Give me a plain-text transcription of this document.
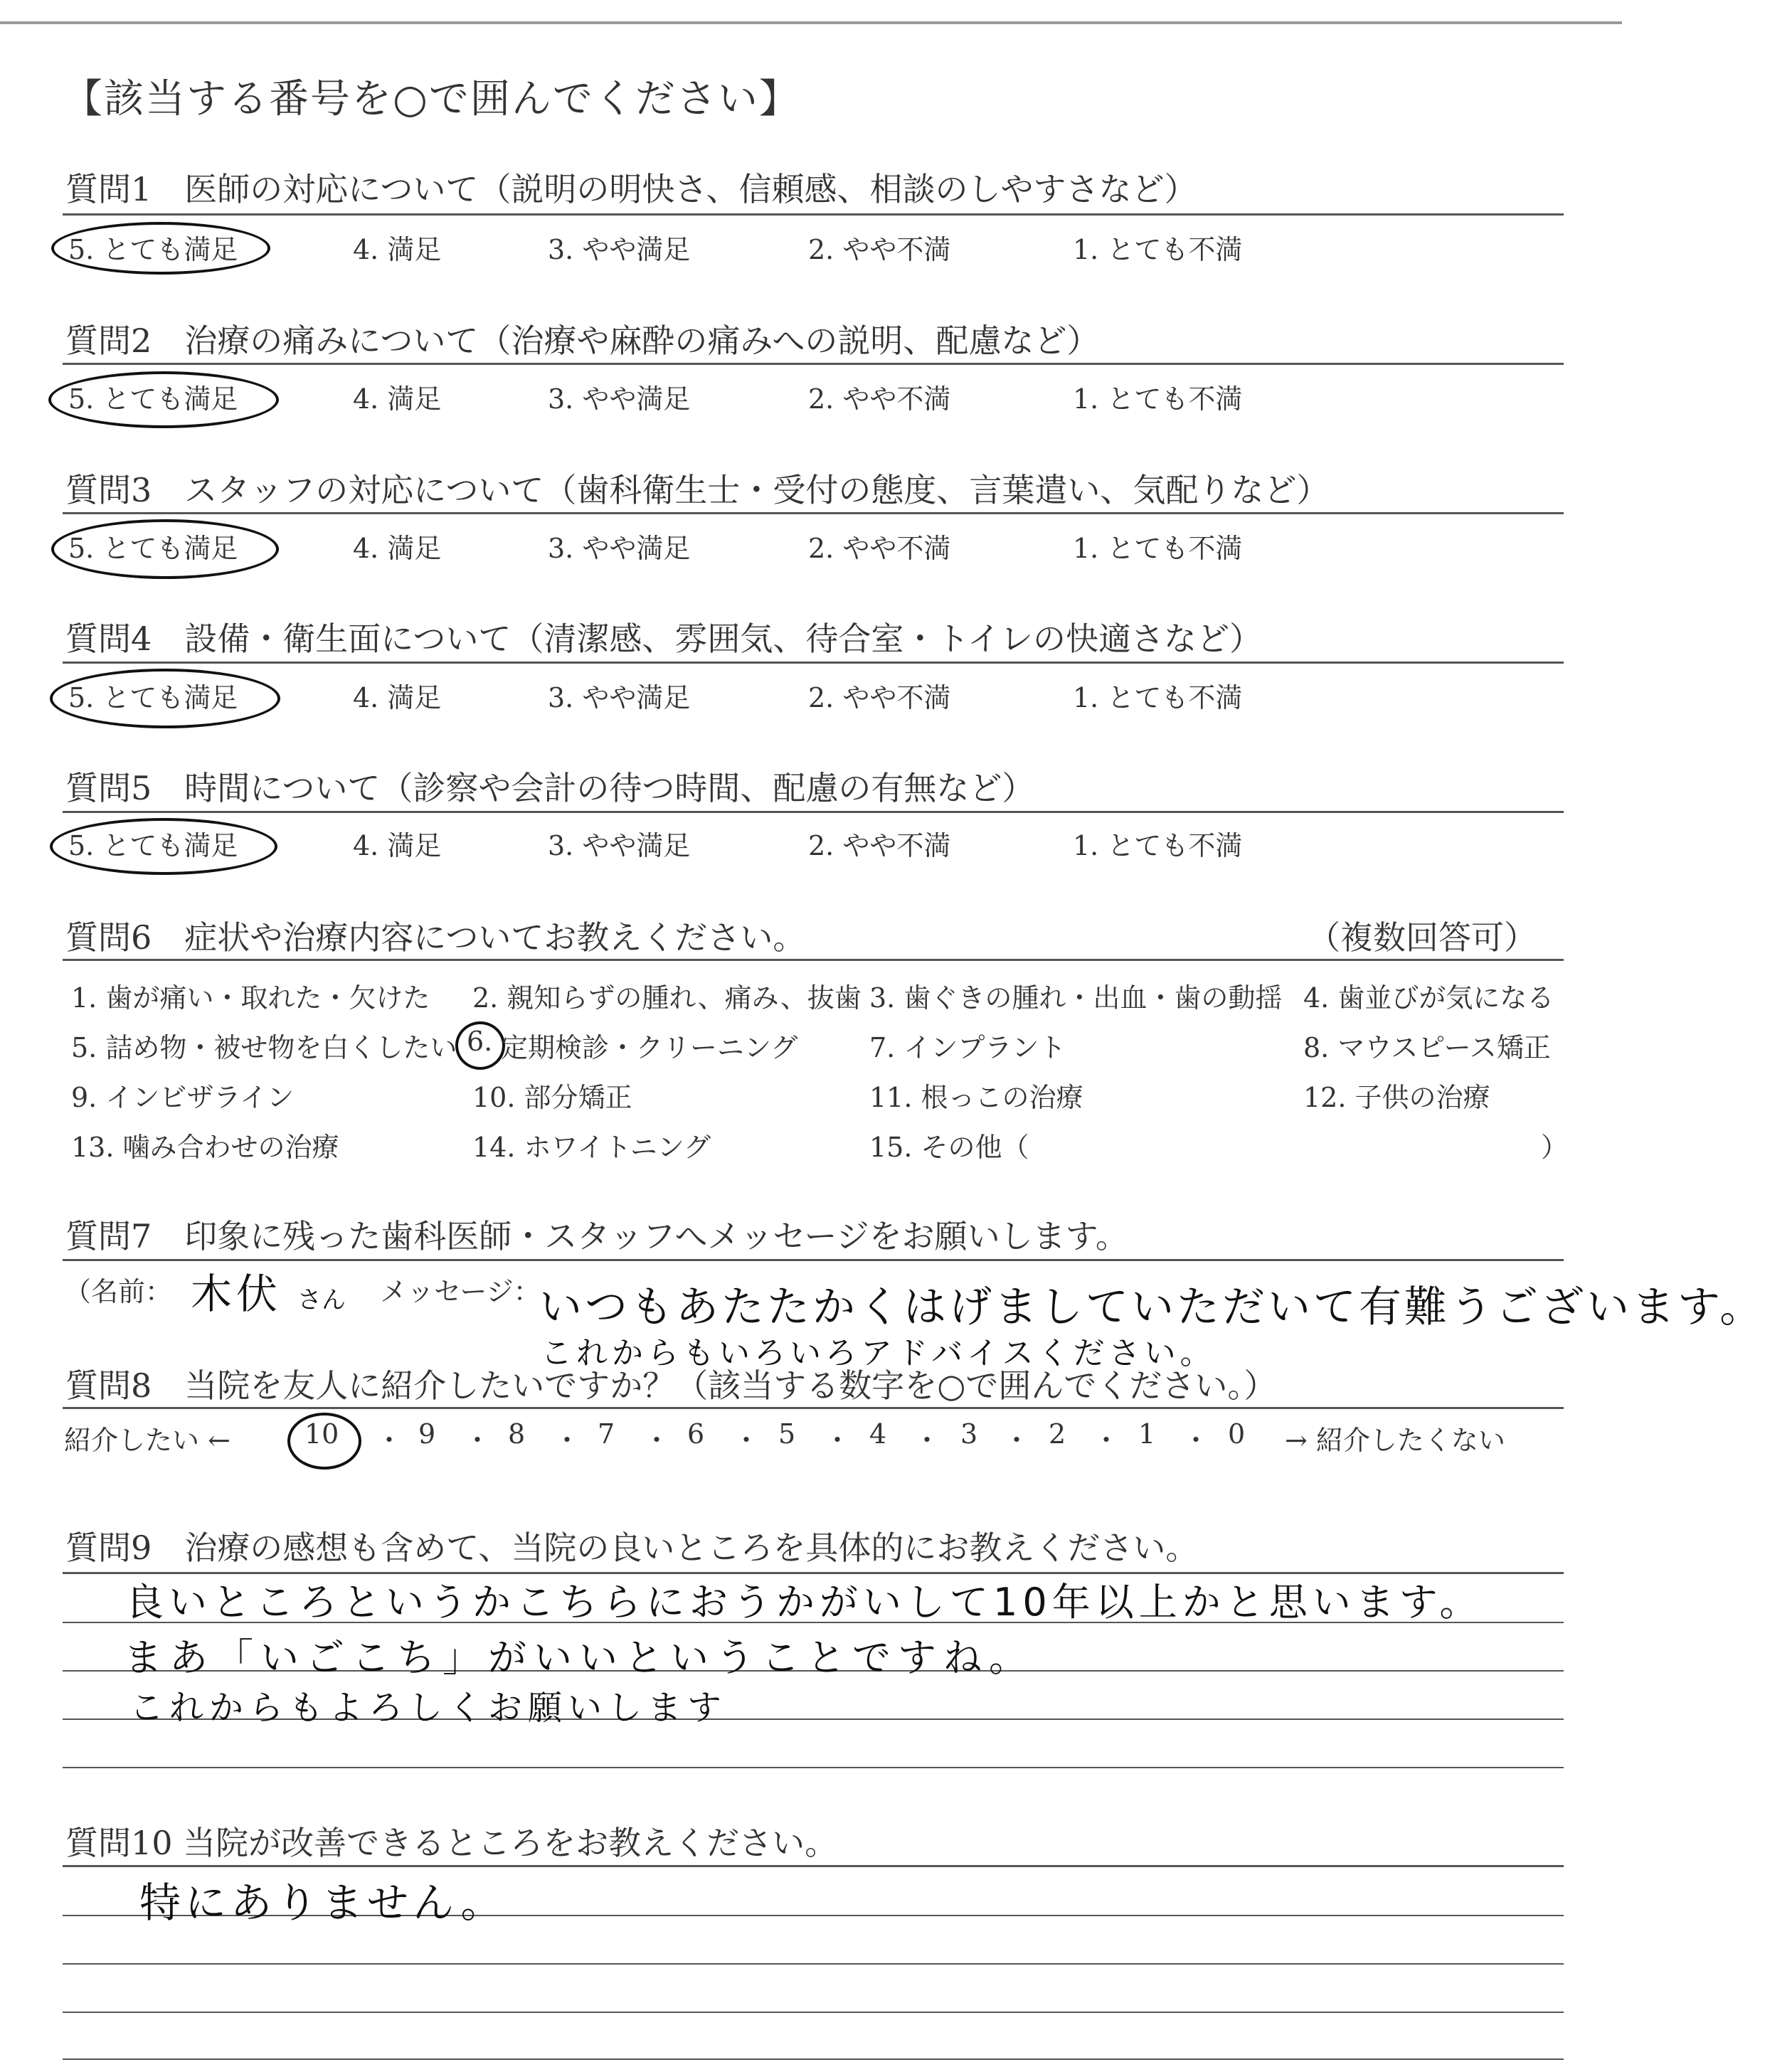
【該当する番号を○で囲んでください】
質問1　医師の対応について（説明の明快さ、信頼感、相談のしやすさなど）
5. とても満足	4. 満足	3. やや満足	2. やや不満	1. とても不満
質問2　治療の痛みについて（治療や麻酔の痛みへの説明、配慮など）
5. とても満足	4. 満足	3. やや満足	2. やや不満	1. とても不満
質問3　スタッフの対応について（歯科衛生士・受付の態度、言葉遣い、気配りなど）
5. とても満足	4. 満足	3. やや満足	2. やや不満	1. とても不満
質問4　設備・衛生面について（清潔感、雰囲気、待合室・トイレの快適さなど）
5. とても満足	4. 満足	3. やや満足	2. やや不満	1. とても不満
質問5　時間について（診察や会計の待つ時間、配慮の有無など）
5. とても満足	4. 満足	3. やや満足	2. やや不満	1. とても不満
質問6　症状や治療内容についてお教えください。	（複数回答可）
1. 歯が痛い・取れた・欠けた 2. 親知らずの腫れ、痛み、抜歯 3. 歯ぐきの腫れ・出血・歯の動揺 4. 歯並びが気になる
5. 詰め物・被せ物を白くしたい 6. 定期検診・クリーニング	7. インプラント	8. マウスピース矯正
9. インビザライン	10. 部分矯正	11. 根っこの治療	12. 子供の治療
13. 噛み合わせの治療	14. ホワイトニング	15. その他（	）
質問7　印象に残った歯科医師・スタッフへメッセージをお願いします。
（名前： 木伏 さん メッセージ：
いつもあたたかくはげましていただいて有難うございます。
これからもいろいろアドバイスください。
質問8　当院を友人に紹介したいですか？（該当する数字を○で囲んでください。）
紹介したい ←	10 ・ 9 ・ 8 ・ 7 ・ 6 ・ 5 ・ 4 ・ 3 ・ 2 ・ 1 ・ 0 → 紹介したくない
質問9　治療の感想も含めて、当院の良いところを具体的にお教えください。
良いところというかこちらにおうかがいして10年以上かと思います。
まあ「いごこち」がいいということですね。
これからもよろしくお願いします
質問10 当院が改善できるところをお教えください。
特にありません。
